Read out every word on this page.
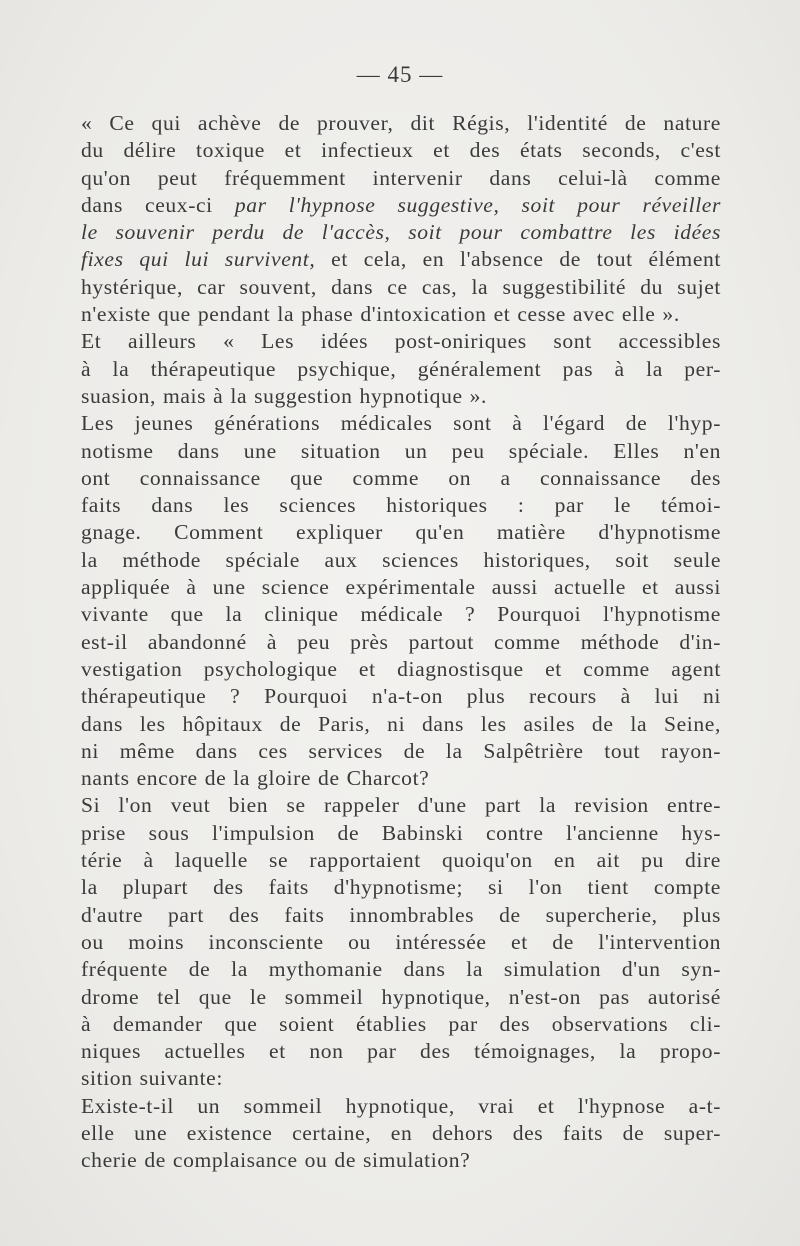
— 45 —
« Ce qui achève de prouver, dit Régis, l'identité de nature
du délire toxique et infectieux et des états seconds, c'est
qu'on peut fréquemment intervenir dans celui-là comme
dans ceux-ci par l'hypnose suggestive, soit pour réveiller
le souvenir perdu de l'accès, soit pour combattre les idées
fixes qui lui survivent, et cela, en l'absence de tout élément
hystérique, car souvent, dans ce cas, la suggestibilité du sujet
n'existe que pendant la phase d'intoxication et cesse avec elle ».
Et ailleurs « Les idées post-oniriques sont accessibles
à la thérapeutique psychique, généralement pas à la per-
suasion, mais à la suggestion hypnotique ».
Les jeunes générations médicales sont à l'égard de l'hyp-
notisme dans une situation un peu spéciale. Elles n'en
ont connaissance que comme on a connaissance des
faits dans les sciences historiques : par le témoi-
gnage. Comment expliquer qu'en matière d'hypnotisme
la méthode spéciale aux sciences historiques, soit seule
appliquée à une science expérimentale aussi actuelle et aussi
vivante que la clinique médicale ? Pourquoi l'hypnotisme
est-il abandonné à peu près partout comme méthode d'in-
vestigation psychologique et diagnostisque et comme agent
thérapeutique ? Pourquoi n'a-t-on plus recours à lui ni
dans les hôpitaux de Paris, ni dans les asiles de la Seine,
ni même dans ces services de la Salpêtrière tout rayon-
nants encore de la gloire de Charcot?
Si l'on veut bien se rappeler d'une part la revision entre-
prise sous l'impulsion de Babinski contre l'ancienne hys-
térie à laquelle se rapportaient quoiqu'on en ait pu dire
la plupart des faits d'hypnotisme; si l'on tient compte
d'autre part des faits innombrables de supercherie, plus
ou moins inconsciente ou intéressée et de l'intervention
fréquente de la mythomanie dans la simulation d'un syn-
drome tel que le sommeil hypnotique, n'est-on pas autorisé
à demander que soient établies par des observations cli-
niques actuelles et non par des témoignages, la propo-
sition suivante:
Existe-t-il un sommeil hypnotique, vrai et l'hypnose a-t-
elle une existence certaine, en dehors des faits de super-
cherie de complaisance ou de simulation?
